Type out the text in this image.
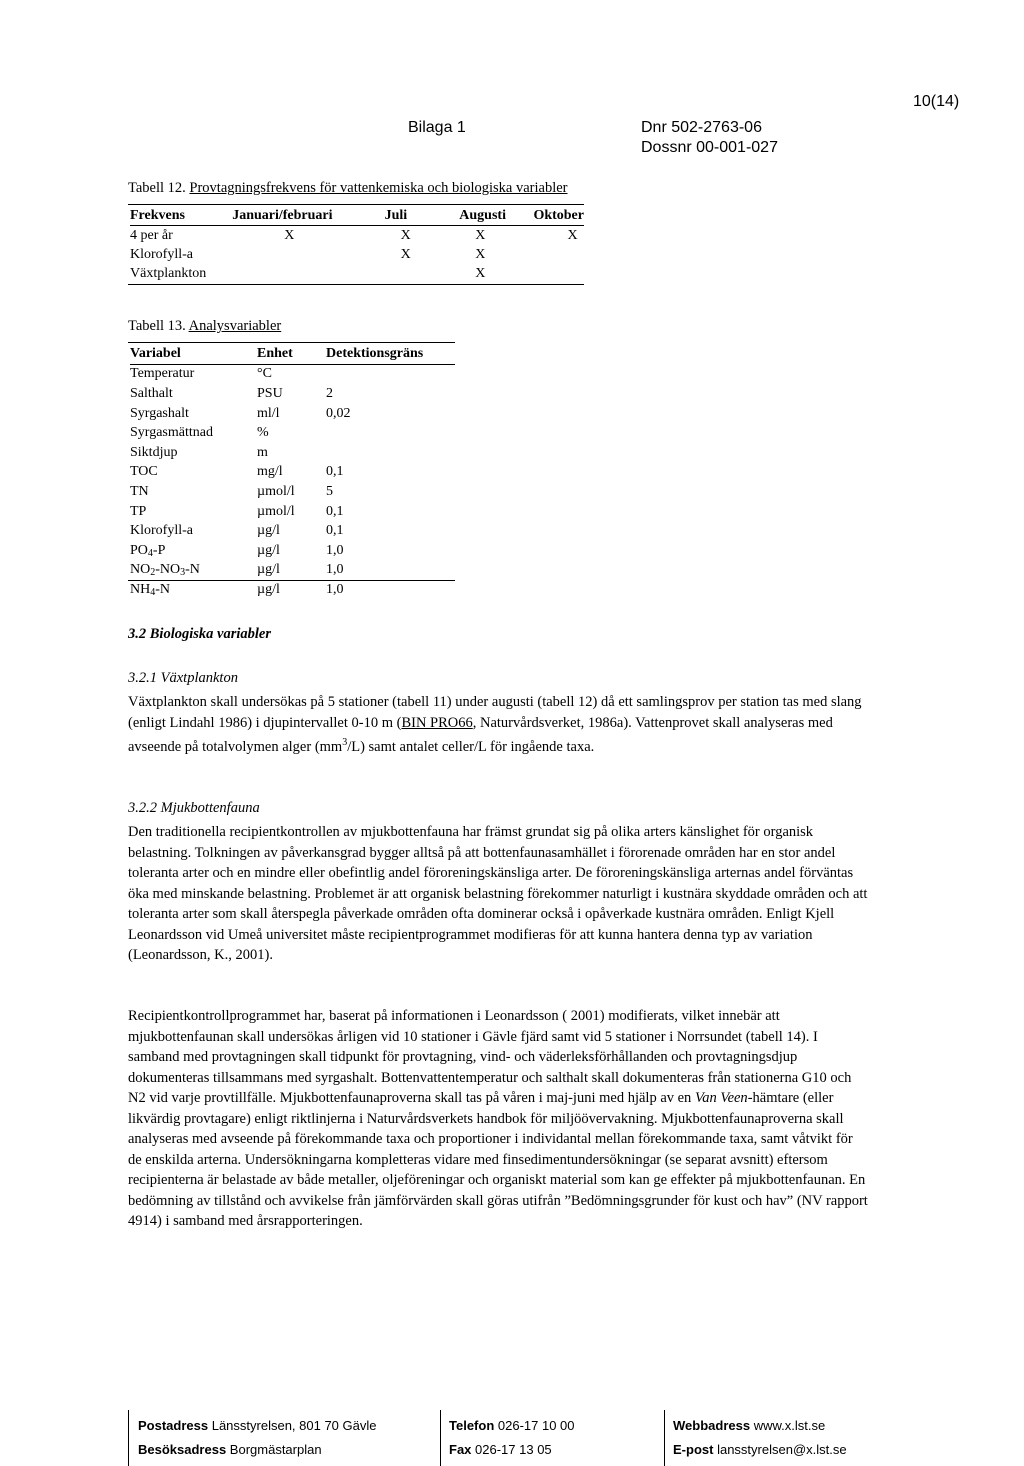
Bilaga 1	Dnr 502-2763-06
Dossnr 00-001-027
10(14)
Tabell 12. Provtagningsfrekvens för vattenkemiska och biologiska variabler
Frekvens	Januari/februari	Juli	Augusti	Oktober
4 per år	X	X	X	X
Klorofyll-a		X	X	
Växtplankton			X	
Tabell 13. Analysvariabler
Variabel	Enhet	Detektionsgräns
Temperatur	°C	
Salthalt	PSU	2
Syrgashalt	ml/l	0,02
Syrgasmättnad	%	
Siktdjup	m	
TOC	mg/l	0,1
TN	µmol/l	5
TP	µmol/l	0,1
Klorofyll-a	µg/l	0,1
$PO_4-P$	µg/l	1,0
$NO_2-NO_3-N$	µg/l	1,0
$NH_4-N$	µg/l	1,0
3.2 Biologiska variabler
3.2.1 Växtplankton

Växtplankton skall undersökas på 5 stationer (tabell 11) under augusti (tabell 12) då ett samlingsprov per station tas med slang (enligt Lindahl 1986) i djupintervallet 0-10 m (BIN PRO66, Naturvårdsverket, 1986a). Vattenprovet skall analyseras med avseende på totalvolymen alger $(mm^3/L)$ samt antalet celler/L för ingående taxa.

3.2.2 Mjukbottenfauna

Den traditionella recipientkontrollen av mjukbottenfauna har främst grundat sig på olika arters känslighet för organisk belastning. Tolkningen av påverkansgrad bygger alltså på att bottenfaunasamhället i förorenade områden har en stor andel toleranta arter och en mindre eller obefintlig andel föroreningskänsliga arter. De föroreningskänsliga arternas andel förväntas öka med minskande belastning. Problemet är att organisk belastning förekommer naturligt i kustnära skyddade områden och att toleranta arter som skall återspegla påverkade områden ofta dominerar också i opåverkade kustnära områden. Enligt Kjell Leonardsson vid Umeå universitet måste recipientprogrammet modifieras för att kunna hantera denna typ av variation (Leonardsson, K., 2001).

Recipientkontrollprogrammet har, baserat på informationen i Leonardsson ( 2001) modifierats, vilket innebär att mjukbottenfaunan skall undersökas årligen vid 10 stationer i Gävle fjärd samt vid 5 stationer i Norrsundet (tabell 14). I samband med provtagningen skall tidpunkt för provtagning, vind- och väderleksförhållanden och provtagningsdjup dokumenteras tillsammans med syrgashalt. Bottenvattentemperatur och salthalt skall dokumenteras från stationerna G10 och N2 vid varje provtillfälle. Mjukbottenfaunaproverna skall tas på våren i maj-juni med hjälp av en Van Veen-hämtare (eller likvärdig provtagare) enligt riktlinjerna i Naturvårdsverkets handbok för miljöövervakning. Mjukbottenfaunaproverna skall analyseras med avseende på förekommande taxa och proportioner i individantal mellan förekommande taxa, samt våtvikt för de enskilda arterna. Undersökningarna kompletteras vidare med finsedimentundersökningar (se separat avsnitt) eftersom recipienterna är belastade av både metaller, oljeföreningar och organiskt material som kan ge effekter på mjukbottenfaunan. En bedömning av tillstånd och avvikelse från jämförvärden skall göras utifrån ”Bedömningsgrunder för kust och hav” (NV rapport 4914) i samband med årsrapporteringen.

Postadress Länsstyrelsen, 801 70 Gävle
Besöksadress Borgmästarplan
Telefon 026-17 10 00
Fax 026-17 13 05
Webbadress www.x.lst.se
E-post lansstyrelsen@x.lst.se
